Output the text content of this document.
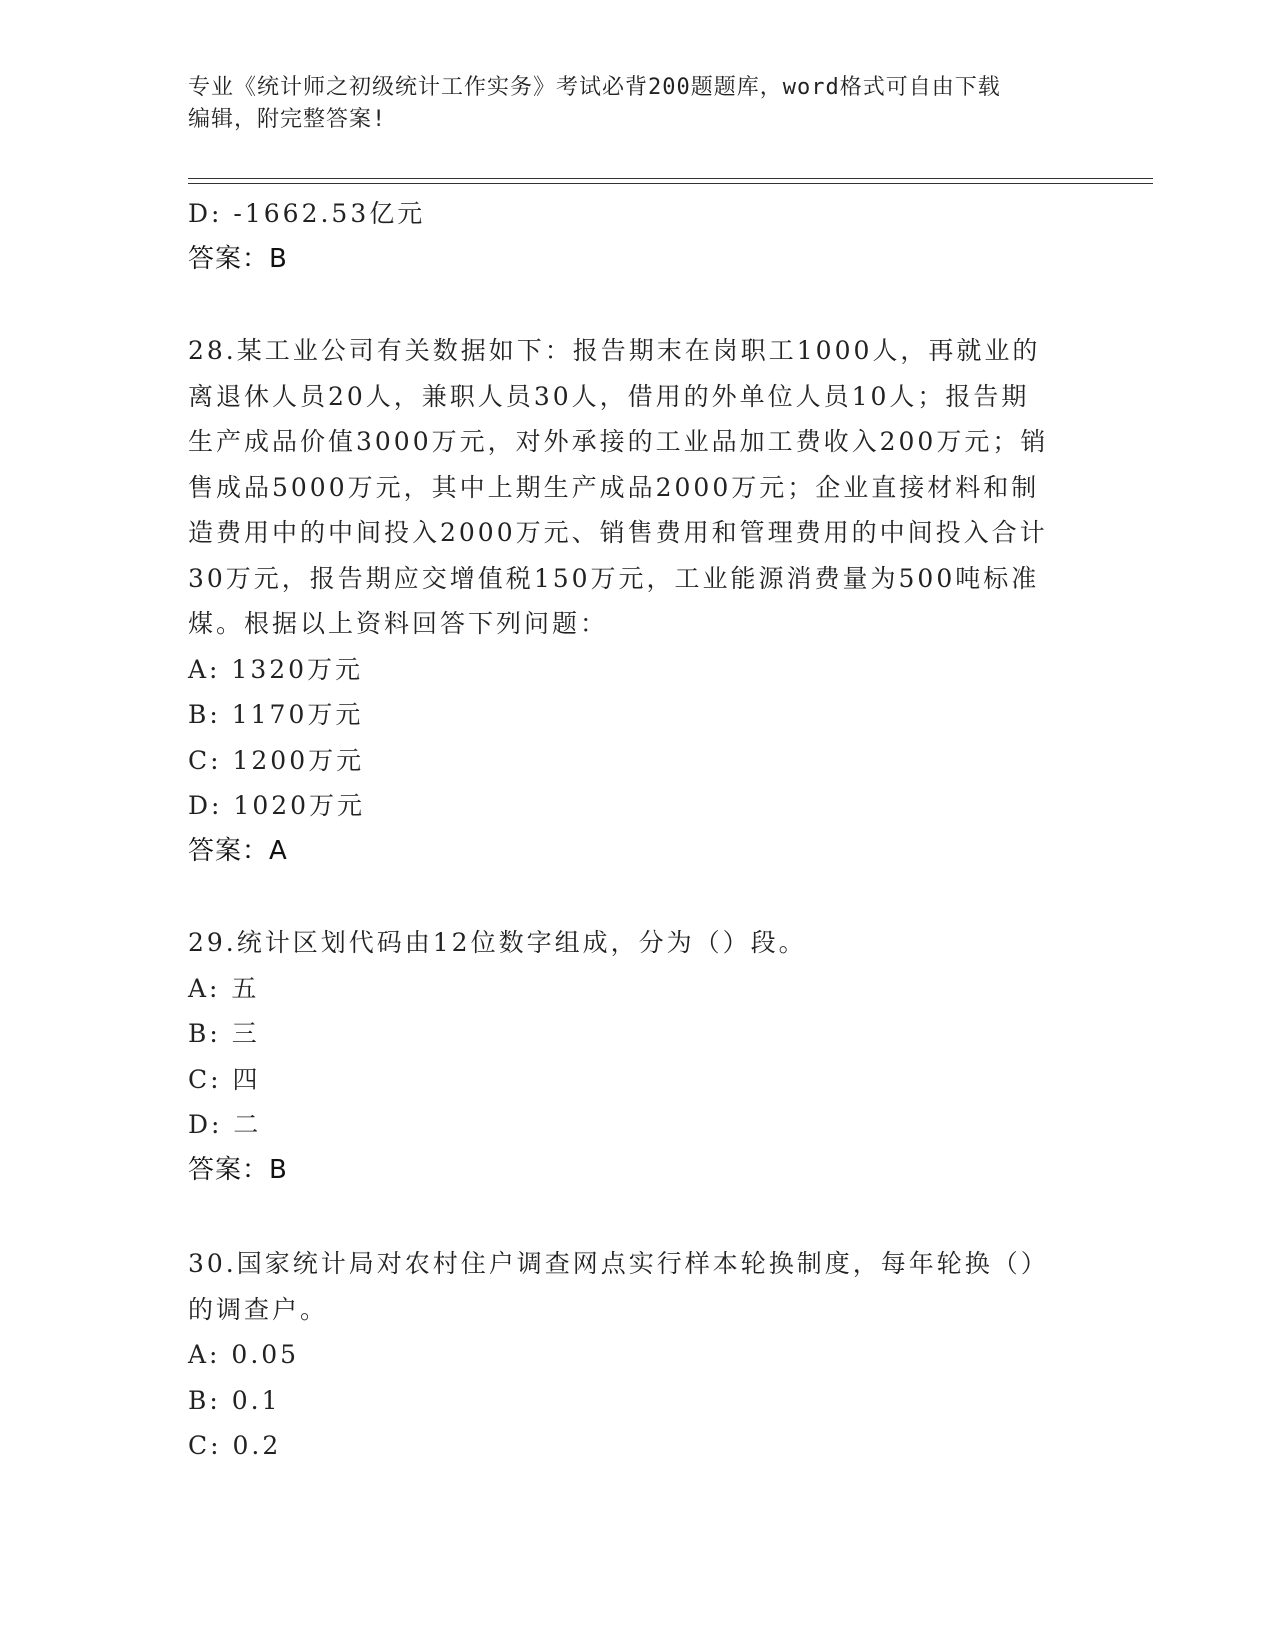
专业《统计师之初级统计工作实务》考试必背200题题库，word格式可自由下载
编辑，附完整答案!
D: -1662.53亿元
答案：B
28.某工业公司有关数据如下：报告期末在岗职工1000人，再就业的
离退休人员20人，兼职人员30人，借用的外单位人员10人；报告期
生产成品价值3000万元，对外承接的工业品加工费收入200万元；销
售成品5000万元，其中上期生产成品2000万元；企业直接材料和制
造费用中的中间投入2000万元、销售费用和管理费用的中间投入合计
30万元，报告期应交增值税150万元，工业能源消费量为500吨标准
煤。根据以上资料回答下列问题：
A: 1320万元
B: 1170万元
C: 1200万元
D: 1020万元
答案：A
29.统计区划代码由12位数字组成，分为（）段。
A: 五
B: 三
C: 四
D: 二
答案：B
30.国家统计局对农村住户调查网点实行样本轮换制度，每年轮换（）
的调查户。
A: 0.05
B: 0.1
C: 0.2
